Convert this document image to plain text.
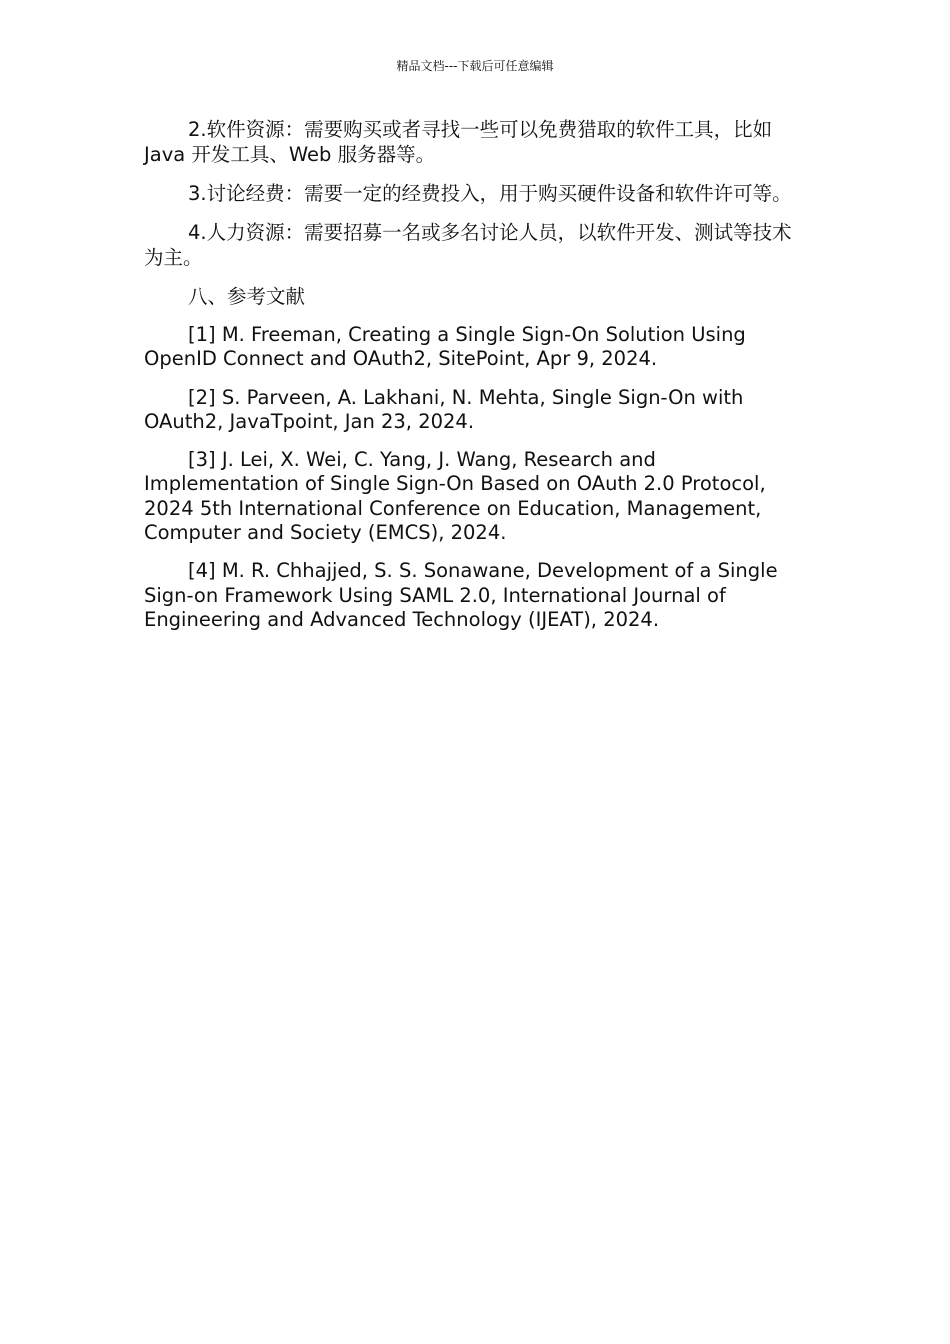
精品文档---下载后可任意编辑

2.软件资源：需要购买或者寻找一些可以免费猎取的软件工具，比如 Java 开发工具、Web 服务器等。

3.讨论经费：需要一定的经费投入，用于购买硬件设备和软件许可等。

4.人力资源：需要招募一名或多名讨论人员，以软件开发、测试等技术为主。

八、参考文献

[1] M. Freeman, Creating a Single Sign-On Solution Using OpenID Connect and OAuth2, SitePoint, Apr 9, 2024.

[2] S. Parveen, A. Lakhani, N. Mehta, Single Sign-On with OAuth2, JavaTpoint, Jan 23, 2024.

[3] J. Lei, X. Wei, C. Yang, J. Wang, Research and Implementation of Single Sign-On Based on OAuth 2.0 Protocol, 2024 5th International Conference on Education, Management, Computer and Society (EMCS), 2024.

[4] M. R. Chhajjed, S. S. Sonawane, Development of a Single Sign-on Framework Using SAML 2.0, International Journal of Engineering and Advanced Technology (IJEAT), 2024.
